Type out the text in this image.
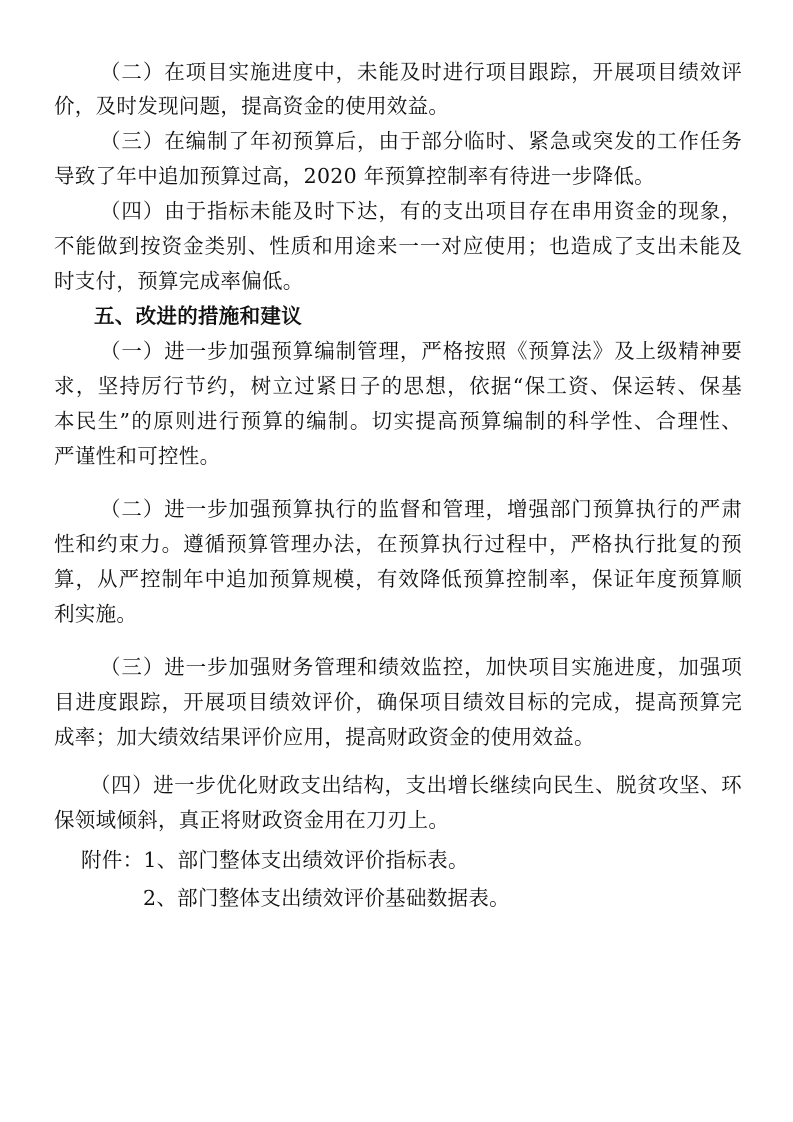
（二）在项目实施进度中，未能及时进行项目跟踪，开展项目绩效评
价，及时发现问题，提高资金的使用效益。
（三）在编制了年初预算后，由于部分临时、紧急或突发的工作任务
导致了年中追加预算过高，2020 年预算控制率有待进一步降低。
（四）由于指标未能及时下达，有的支出项目存在串用资金的现象，
不能做到按资金类别、性质和用途来一一对应使用；也造成了支出未能及
时支付，预算完成率偏低。
五、改进的措施和建议
（一）进一步加强预算编制管理，严格按照《预算法》及上级精神要
求，坚持厉行节约，树立过紧日子的思想，依据“保工资、保运转、保基
本民生”的原则进行预算的编制。切实提高预算编制的科学性、合理性、
严谨性和可控性。
（二）进一步加强预算执行的监督和管理，增强部门预算执行的严肃
性和约束力。遵循预算管理办法，在预算执行过程中，严格执行批复的预
算，从严控制年中追加预算规模，有效降低预算控制率，保证年度预算顺
利实施。
（三）进一步加强财务管理和绩效监控，加快项目实施进度，加强项
目进度跟踪，开展项目绩效评价，确保项目绩效目标的完成，提高预算完
成率；加大绩效结果评价应用，提高财政资金的使用效益。
（四）进一步优化财政支出结构，支出增长继续向民生、脱贫攻坚、环
保领域倾斜，真正将财政资金用在刀刃上。
附件：1、部门整体支出绩效评价指标表。
2、部门整体支出绩效评价基础数据表。
